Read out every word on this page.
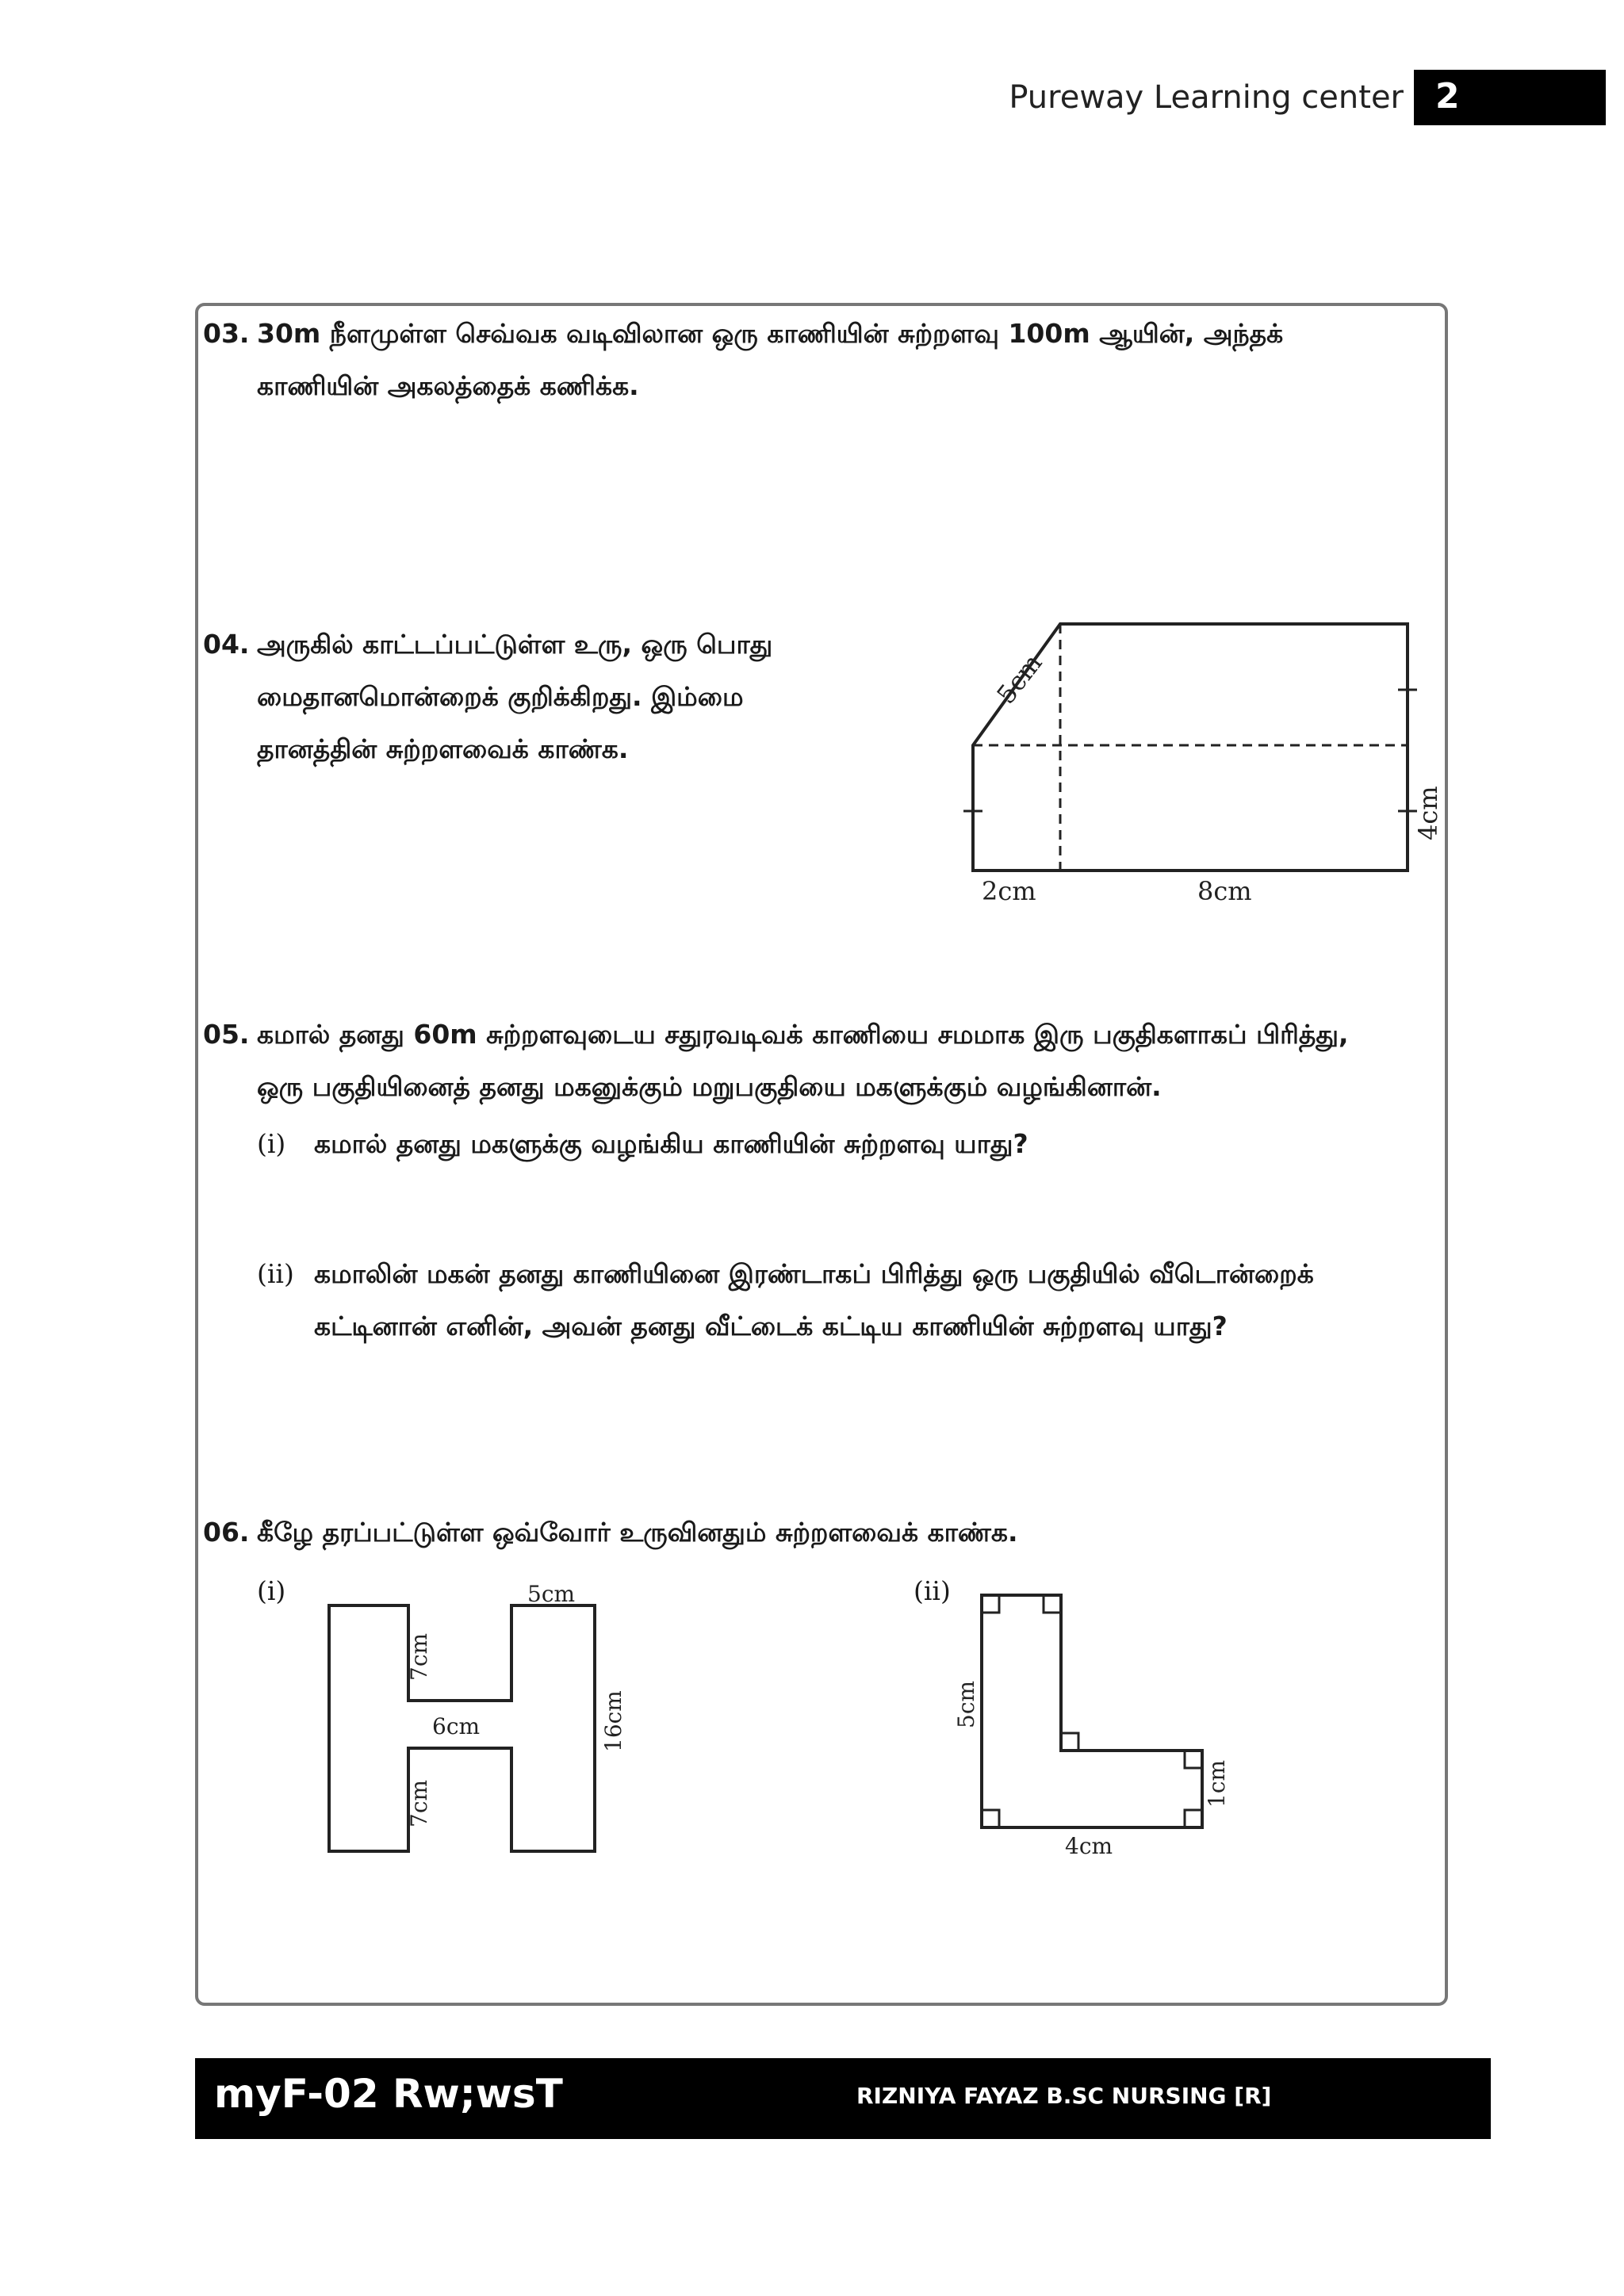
Pureway Learning center 2
03. 30m நீளமுள்ள செவ்வக வடிவிலான ஒரு காணியின் சுற்றளவு 100m ஆயின், அந்தக்
காணியின் அகலத்தைக் கணிக்க.
04. அருகில் காட்டப்பட்டுள்ள உரு, ஒரு பொது
மைதானமொன்றைக் குறிக்கிறது. இம்மை
தானத்தின் சுற்றளவைக் காண்க.
5cm
4cm
2cm	8cm
05. கமால் தனது 60m சுற்றளவுடைய சதுரவடிவக் காணியை சமமாக இரு பகுதிகளாகப் பிரித்து,
ஒரு பகுதியினைத் தனது மகனுக்கும் மறுபகுதியை மகளுக்கும் வழங்கினான்.
(i) கமால் தனது மகளுக்கு வழங்கிய காணியின் சுற்றளவு யாது?
(ii) கமாலின் மகன் தனது காணியினை இரண்டாகப் பிரித்து ஒரு பகுதியில் வீடொன்றைக்
கட்டினான் எனின், அவன் தனது வீட்டைக் கட்டிய காணியின் சுற்றளவு யாது?
06. கீழே தரப்பட்டுள்ள ஒவ்வோர் உருவினதும் சுற்றளவைக் காண்க.
(i)	5cm
7cm
6cm
7cm
16cm
(ii)
5cm
4cm
1cm
myF-02 Rw;wsT	RIZNIYA FAYAZ B.SC NURSING [R]
